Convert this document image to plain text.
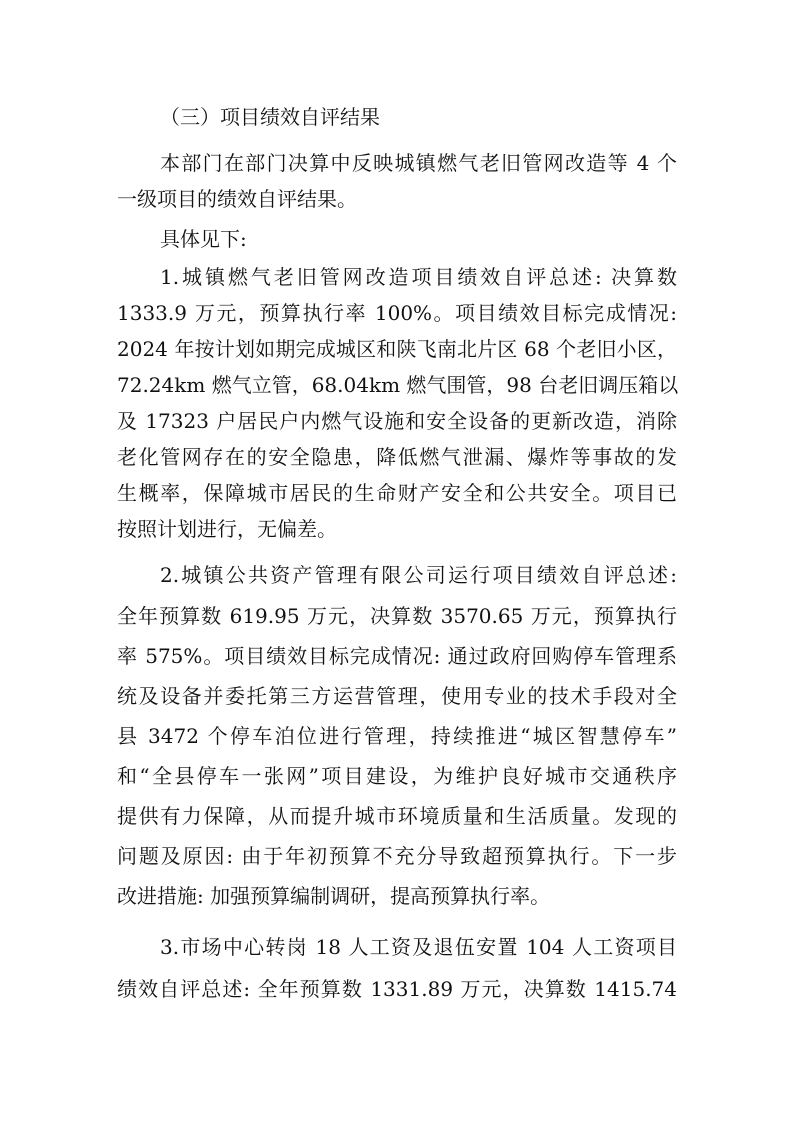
（三）项目绩效自评结果
本部门在部门决算中反映城镇燃气老旧管网改造等 4 个
一级项目的绩效自评结果。
具体见下:
1.城镇燃气老旧管网改造项目绩效自评总述: 决算数
1333.9 万元，预算执行率 100%。项目绩效目标完成情况:
2024 年按计划如期完成城区和陕飞南北片区 68 个老旧小区，
72.24km 燃气立管，68.04km 燃气围管，98 台老旧调压箱以
及 17323 户居民户内燃气设施和安全设备的更新改造，消除
老化管网存在的安全隐患，降低燃气泄漏、爆炸等事故的发
生概率，保障城市居民的生命财产安全和公共安全。项目已
按照计划进行，无偏差。
2.城镇公共资产管理有限公司运行项目绩效自评总述:
全年预算数 619.95 万元，决算数 3570.65 万元，预算执行
率 575%。项目绩效目标完成情况: 通过政府回购停车管理系
统及设备并委托第三方运营管理，使用专业的技术手段对全
县 3472 个停车泊位进行管理，持续推进“城区智慧停车”
和“全县停车一张网”项目建设，为维护良好城市交通秩序
提供有力保障，从而提升城市环境质量和生活质量。发现的
问题及原因: 由于年初预算不充分导致超预算执行。下一步
改进措施: 加强预算编制调研，提高预算执行率。
3.市场中心转岗 18 人工资及退伍安置 104 人工资项目
绩效自评总述: 全年预算数 1331.89 万元，决算数 1415.74
